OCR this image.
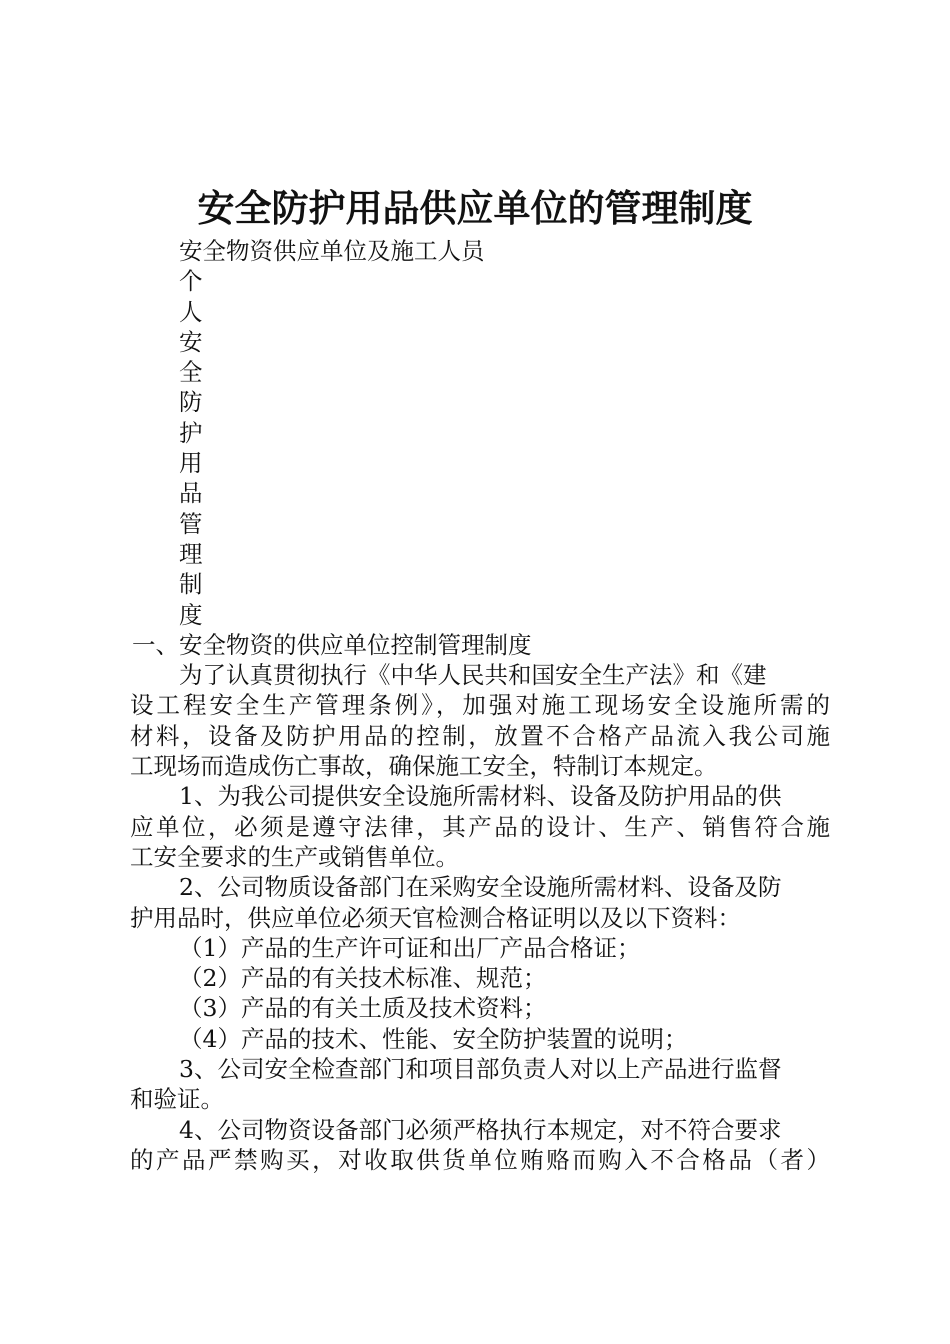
安全防护用品供应单位的管理制度
安全物资供应单位及施工人员
个
人
安
全
防
护
用
品
管
理
制
度
一、安全物资的供应单位控制管理制度
为了认真贯彻执行《中华人民共和国安全生产法》和《建
设工程安全生产管理条例》，加强对施工现场安全设施所需的
材料，设备及防护用品的控制，放置不合格产品流入我公司施
工现场而造成伤亡事故，确保施工安全，特制订本规定。
1、为我公司提供安全设施所需材料、设备及防护用品的供
应单位，必须是遵守法律，其产品的设计、生产、销售符合施
工安全要求的生产或销售单位。
2、公司物质设备部门在采购安全设施所需材料、设备及防
护用品时，供应单位必须天官检测合格证明以及以下资料：
（1）产品的生产许可证和出厂产品合格证；
（2）产品的有关技术标准、规范；
（3）产品的有关土质及技术资料；
（4）产品的技术、性能、安全防护装置的说明；
3、公司安全检查部门和项目部负责人对以上产品进行监督
和验证。
4、公司物资设备部门必须严格执行本规定，对不符合要求
的产品严禁购买，对收取供货单位贿赂而购入不合格品（者）
